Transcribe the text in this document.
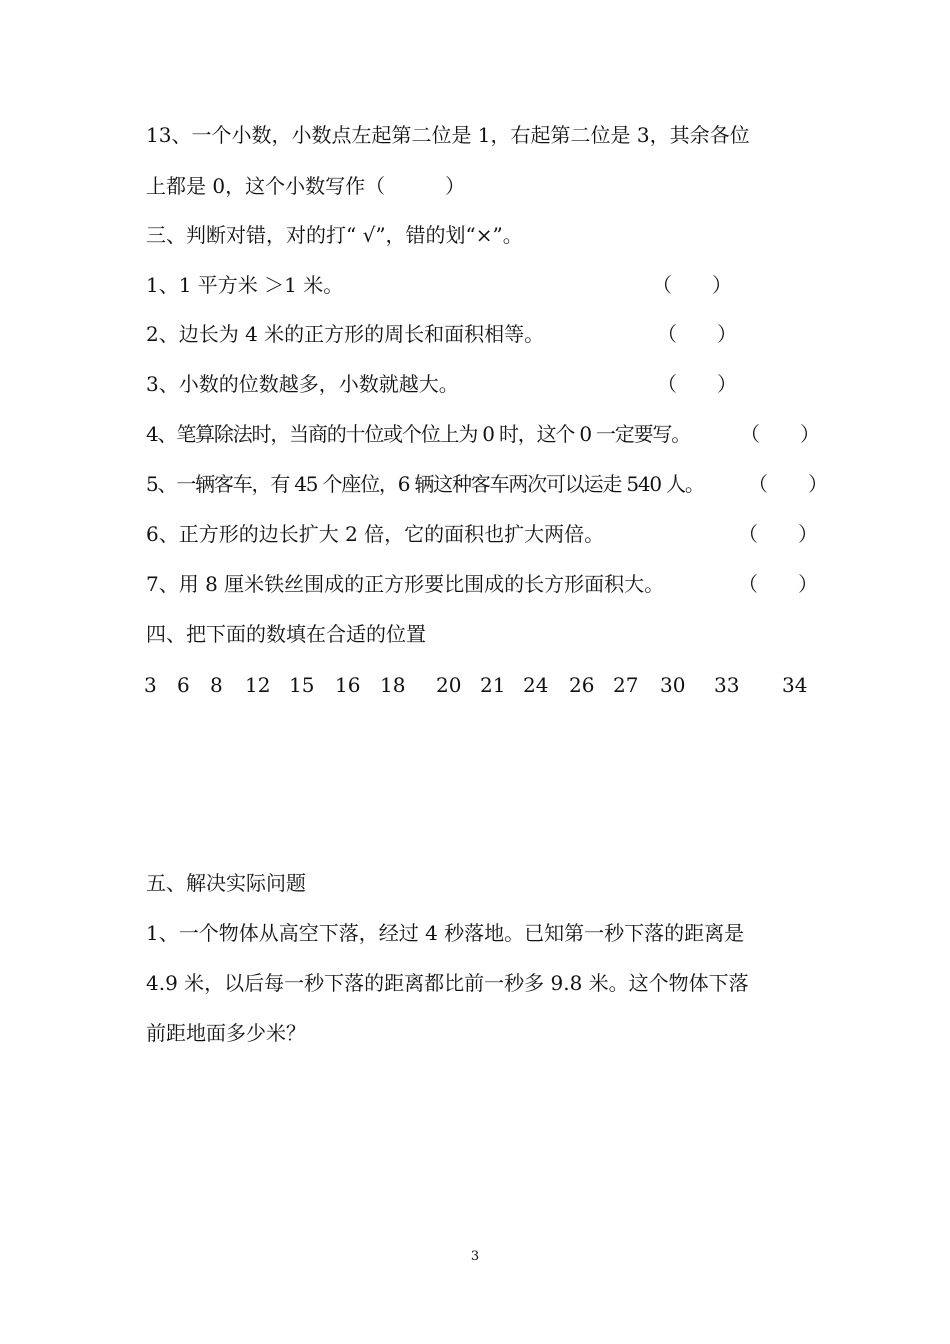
13、一个小数，小数点左起第二位是 1，右起第二位是 3，其余各位
上都是 0，这个小数写作（　　　）
三、判断对错，对的打“ √”，错的划“×”。
1、1 平方米 ＞1 米。	（　　）
2、边长为 4 米的正方形的周长和面积相等。	（　　）
3、小数的位数越多，小数就越大。	（　　）
4、笔算除法时，当商的十位或个位上为 0 时，这个 0 一定要写。 （　　）
5、一辆客车，有 45 个座位，6 辆这种客车两次可以运走 540 人。 （　　）
6、正方形的边长扩大 2 倍，它的面积也扩大两倍。	（　　）
7、用 8 厘米铁丝围成的正方形要比围成的长方形面积大。	（　　）
四、把下面的数填在合适的位置
3 6 8 12 15 16 18 20 21 24 26 27 30 33 34
五、解决实际问题
1、一个物体从高空下落，经过 4 秒落地。已知第一秒下落的距离是
4.9 米，以后每一秒下落的距离都比前一秒多 9.8 米。这个物体下落
前距地面多少米？
3
